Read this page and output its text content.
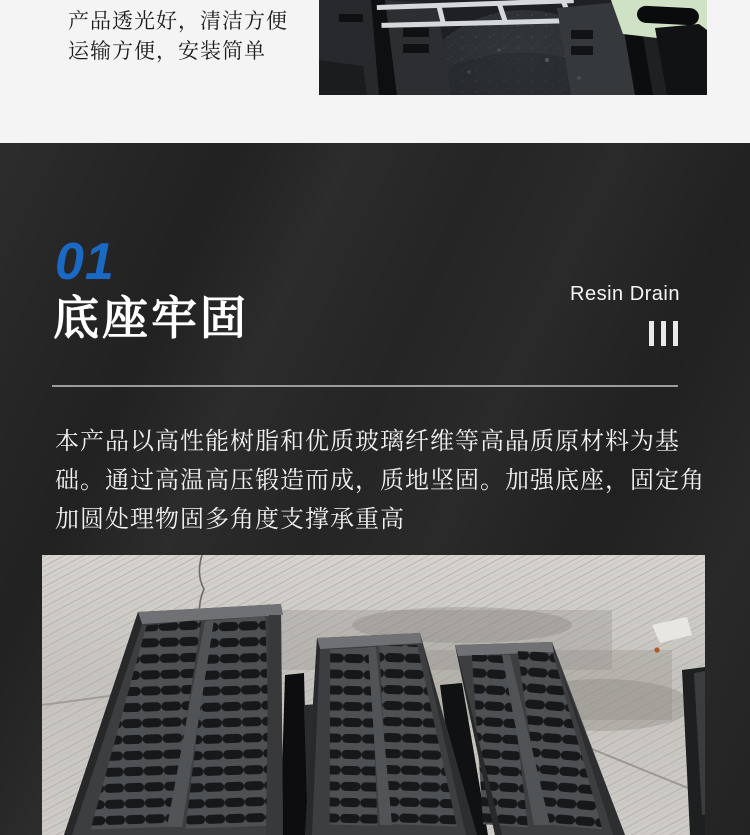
产品透光好，清洁方便
运输方便，安装简单
01
底座牢固	Resin Drain
本产品以高性能树脂和优质玻璃纤维等高晶质原材料为基础。通过高温高压锻造而成，质地坚固。加强底座，固定角加圆处理物固多角度支撑承重高
